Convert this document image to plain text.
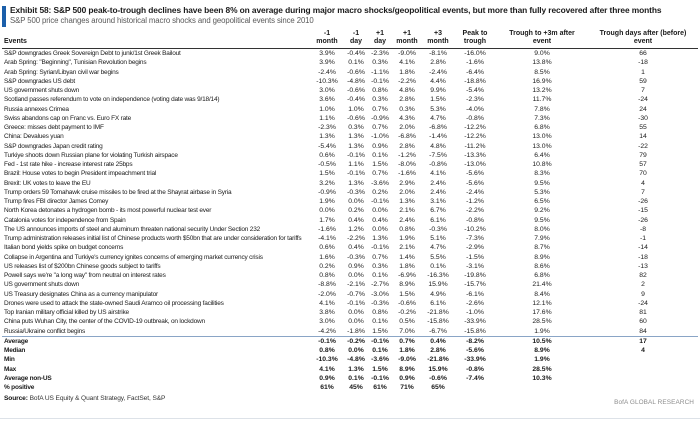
Exhibit 58: S&P 500 peak-to-trough declines have been 8% on average during major macro shocks/geopolitical events, but more than fully recovered after three months
S&P 500 price changes around historical macro shocks and geopolitical events since 2010
Events	-1 month	-1 day	+1 day	+1 month	+3 month	Peak to trough	Trough to +3m after event	Trough days after (before) event

S&P downgrades Greek Sovereign Debt to junk/1st Greek Bailout	3.9%	-0.4%	-2.3%	-9.0%	-8.1%	-16.0%	9.0%	66
Arab Spring: "Beginning", Tunisian Revolution begins	3.9%	0.1%	0.3%	4.1%	2.8%	-1.6%	13.8%	-18
Arab Spring: Syrian/Libyan civil war begins	-2.4%	-0.6%	-1.1%	1.8%	-2.4%	-6.4%	8.5%	1
S&P downgrades US debt	-10.3%	-4.8%	-0.1%	-2.2%	4.4%	-18.8%	16.9%	59
US government shuts down	3.0%	-0.6%	0.8%	4.8%	9.9%	-5.4%	13.2%	7
Scotland passes referendum to vote on independence (voting date was 9/18/14)	3.6%	-0.4%	0.3%	2.8%	1.5%	-2.3%	11.7%	-24
Russia annexes Crimea	1.0%	1.0%	0.7%	0.3%	5.3%	-4.0%	7.8%	24
Swiss abandons cap on Franc vs. Euro FX rate	1.1%	-0.6%	-0.9%	4.3%	4.7%	-0.8%	7.3%	-30
Greece: misses debt payment to IMF	-2.3%	0.3%	0.7%	2.0%	-6.8%	-12.2%	6.8%	55
China: Devalues yuan	1.3%	1.3%	-1.0%	-6.8%	-1.4%	-12.2%	13.0%	14
S&P downgrades Japan credit rating	-5.4%	1.3%	0.9%	2.8%	4.8%	-11.2%	13.0%	-22
Turkiye shoots down Russian plane for violating Turkish airspace	0.6%	-0.1%	0.1%	-1.2%	-7.5%	-13.3%	6.4%	79
Fed - 1st rate hike - increase interest rate 25bps	-0.5%	1.1%	1.5%	-8.0%	-0.8%	-13.0%	10.8%	57
Brazil: House votes to begin President impeachment trial	1.5%	-0.1%	0.7%	-1.6%	4.1%	-5.6%	8.3%	70
Brexit: UK votes to leave the EU	3.2%	1.3%	-3.6%	2.9%	2.4%	-5.6%	9.5%	4
Trump orders 59 Tomahawk cruise missiles to be fired at the Shayrat airbase in Syria	-0.9%	-0.3%	0.2%	2.0%	2.4%	-2.4%	5.3%	7
Trump fires FBI director James Comey	1.9%	0.0%	-0.1%	1.3%	3.1%	-1.2%	6.5%	-26
North Korea detonates a hydrogen bomb - its most powerful nuclear test ever	0.0%	0.2%	0.0%	2.1%	6.7%	-2.2%	9.2%	-15
Catalonia votes for independence from Spain	1.7%	0.4%	0.4%	2.4%	6.1%	-0.8%	9.5%	-26
The US announces imports of steel and aluminum threaten national security Under Section 232	-1.6%	1.2%	0.0%	0.8%	-0.3%	-10.2%	8.0%	-8
Trump administration releases initial list of Chinese products worth $50bn that are under consideration for tariffs	-4.1%	-2.2%	1.3%	1.9%	5.1%	-7.3%	7.9%	-1
Italian bond yields spike on budget concerns	0.6%	0.4%	-0.1%	2.1%	4.7%	-2.9%	8.7%	-14
Collapse in Argentina and Turkiye's currency ignites concerns of emerging market currency crisis	1.6%	-0.3%	0.7%	1.4%	5.5%	-1.5%	8.9%	-18
US releases list of $200bn Chinese goods subject to tariffs	0.2%	0.9%	0.3%	1.8%	0.1%	-3.1%	8.6%	-13
Powell says we're "a long way" from neutral on interest rates	0.8%	0.0%	0.1%	-6.9%	-16.3%	-19.8%	6.8%	82
US government shuts down	-8.8%	-2.1%	-2.7%	8.9%	15.9%	-15.7%	21.4%	2
US Treasury designates China as a currency manipulator	-2.0%	-0.7%	-3.0%	1.5%	4.9%	-6.1%	8.4%	9
Drones were used to attack the state-owned Saudi Aramco oil processing facilities	4.1%	-0.1%	-0.3%	-0.6%	6.1%	-2.6%	12.1%	-24
Top Iranian military official killed by US airstrike	3.8%	0.0%	0.8%	-0.2%	-21.8%	-1.0%	17.6%	81
China puts Wuhan City, the center of the COVID-19 outbreak, on lockdown	3.0%	0.0%	0.1%	0.5%	-15.8%	-33.9%	28.5%	60
Russia/Ukraine conflict begins	-4.2%	-1.8%	1.5%	7.0%	-6.7%	-15.8%	1.9%	84
Average	-0.1%	-0.2%	-0.1%	0.7%	0.4%	-8.2%	10.5%	17
Median	0.8%	0.0%	0.1%	1.8%	2.8%	-5.6%	8.9%	4
Min	-10.3%	-4.8%	-3.6%	-9.0%	-21.8%	-33.9%	1.9%	
Max	4.1%	1.3%	1.5%	8.9%	15.9%	-0.8%	28.5%	
Average non-US	0.9%	0.1%	-0.1%	0.9%	-0.6%	-7.4%	10.3%	
% positive	61%	45%	61%	71%	65%			
Source: BofA US Equity & Quant Strategy, FactSet, S&P
BofA GLOBAL RESEARCH
